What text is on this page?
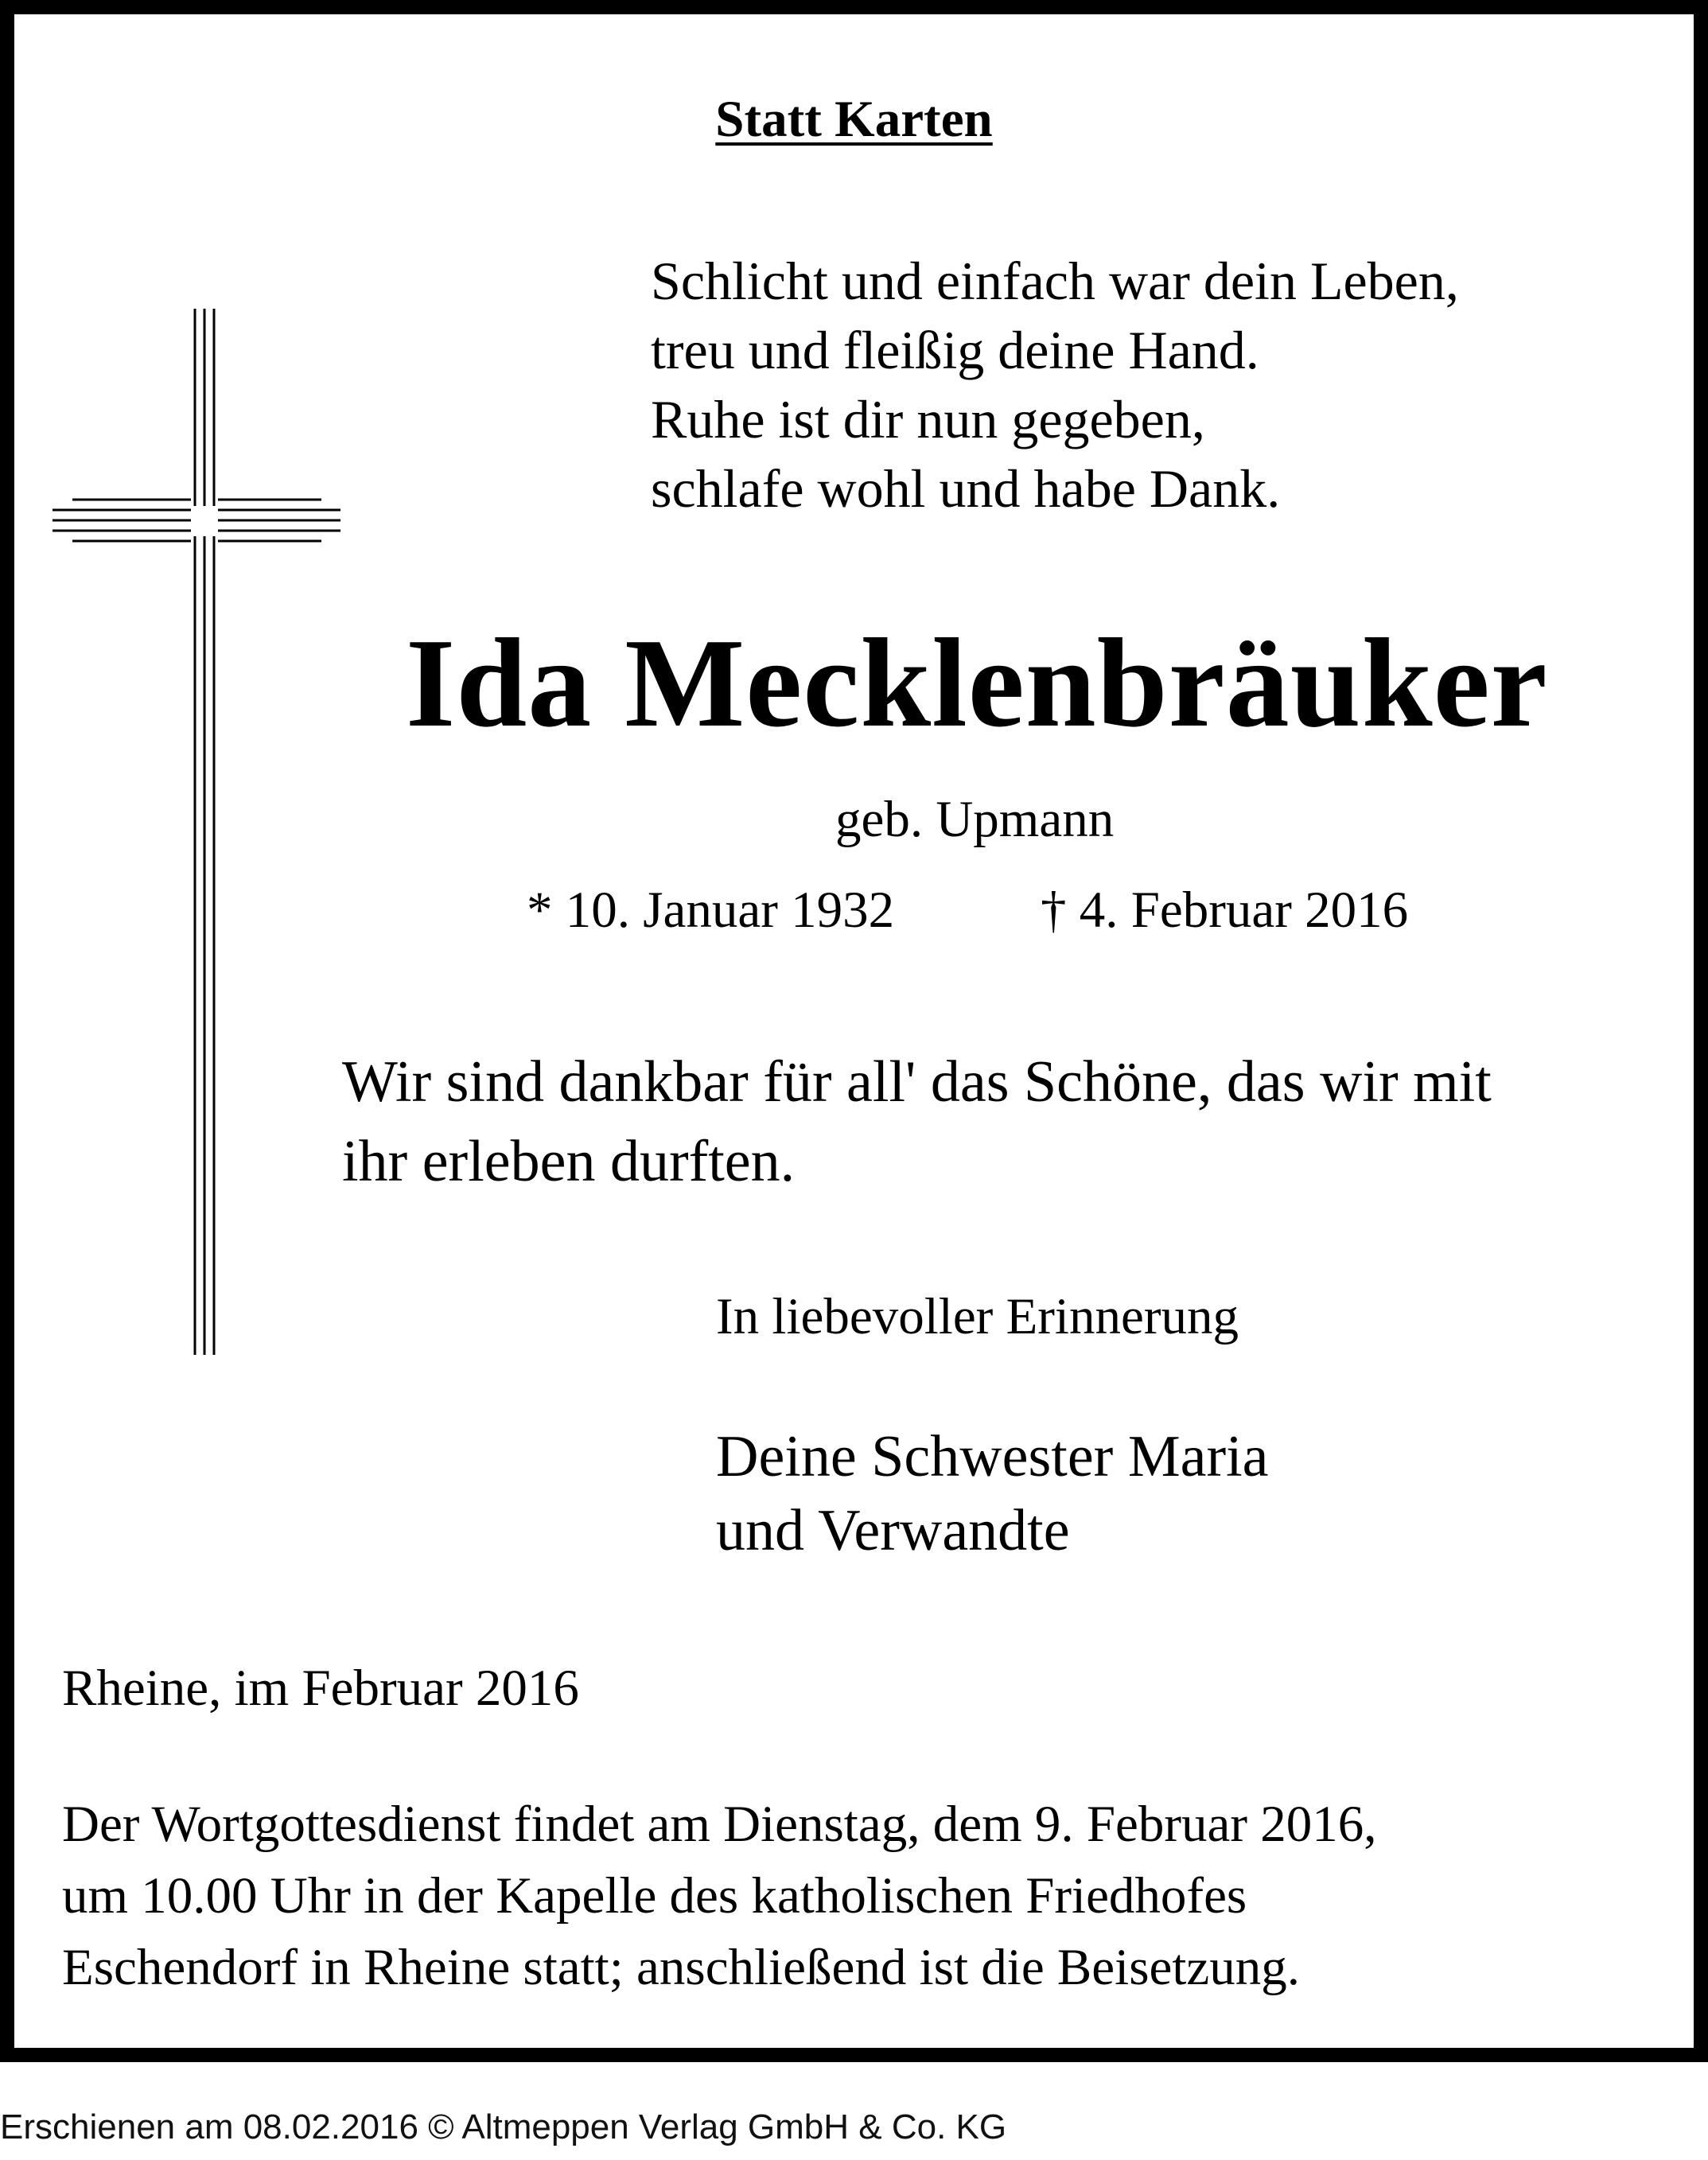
Statt Karten
Schlicht und einfach war dein Leben,
treu und fleißig deine Hand.
Ruhe ist dir nun gegeben,
schlafe wohl und habe Dank.
Ida Mecklenbräuker
geb. Upmann
* 10. Januar 1932	† 4. Februar 2016
Wir sind dankbar für all' das Schöne, das wir mit
ihr erleben durften.
In liebevoller Erinnerung
Deine Schwester Maria
und Verwandte
Rheine, im Februar 2016
Der Wortgottesdienst findet am Dienstag, dem 9. Februar 2016,
um 10.00 Uhr in der Kapelle des katholischen Friedhofes
Eschendorf in Rheine statt; anschließend ist die Beisetzung.
Erschienen am 08.02.2016 © Altmeppen Verlag GmbH & Co. KG
